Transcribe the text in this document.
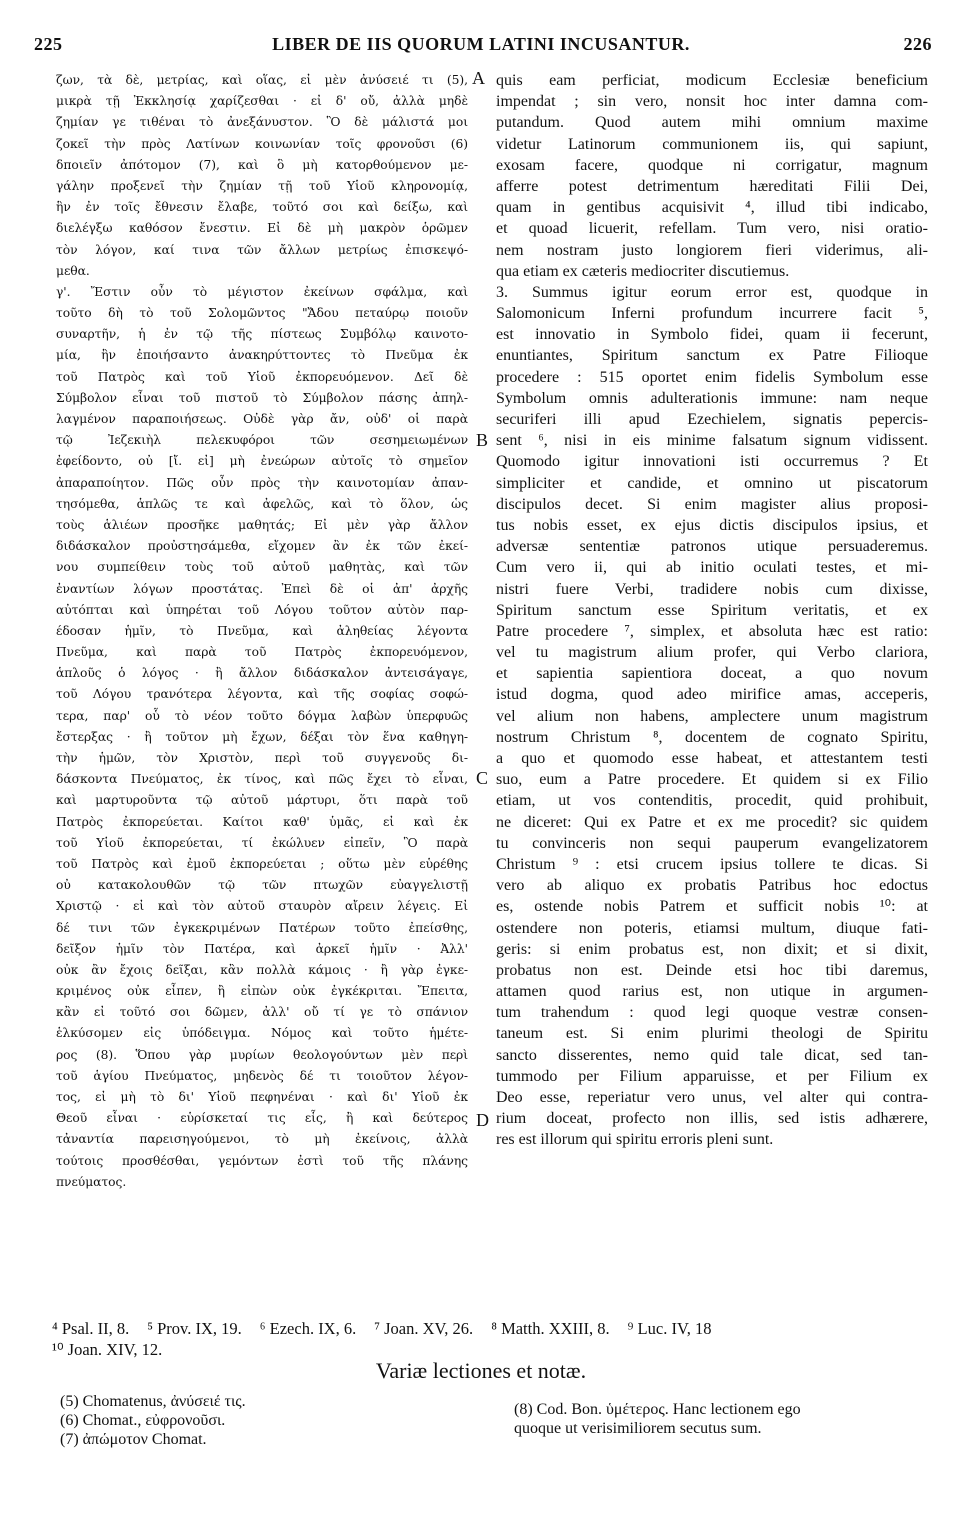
225	LIBER DE IIS QUORUM LATINI INCUSANTUR.	226
ζων, τὰ δὲ, μετρίας, καὶ οἵας, εἰ μὲν ἀνύσειέ τι (5),
μικρὰ τῇ Ἐκκλησίᾳ χαρίζεσθαι · εἰ δ' οὔ, ἀλλὰ μηδὲ
ζημίαν γε τιθέναι τὸ ἀνεξάνυστον. Ὃ δὲ μάλιστά μοι
ζοκεῖ τὴν πρὸς Λατίνων κοινωνίαν τοῖς φρονοῦσι (6)
δποιεῖν ἀπότομον (7), καὶ ὃ μὴ κατορθούμενον με-
γάλην προξενεῖ τὴν ζημίαν τῇ τοῦ Υἱοῦ κληρονομίᾳ,
ἣν ἐν τοῖς ἔθνεσιν ἔλαβε, τοῦτό σοι καὶ δείξω, καὶ
διελέγξω καθόσον ἔνεστιν. Εἰ δὲ μὴ μακρὸν ὁρῶμεν
τὸν λόγον, καί τινα τῶν ἄλλων μετρίως ἐπισκεψό-
μεθα.
γ'. Ἔστιν οὖν τὸ μέγιστον ἐκείνων σφάλμα, καὶ
τοῦτο δὴ τὸ τοῦ Σολομῶντος "Ἄδου πεταύρῳ ποιοῦν
συναρτῆν, ἡ ἐν τῷ τῆς πίστεως Συμβόλῳ καινοτο-
μία, ἣν ἐποιήσαντο ἀνακηρύττοντες τὸ Πνεῦμα ἐκ
τοῦ Πατρὸς καὶ τοῦ Υἱοῦ ἐκπορευόμενον. Δεῖ δὲ
Σύμβολον εἶναι τοῦ πιστοῦ τὸ Σύμβολον πάσης ἀπηλ-
λαγμένον παραποιήσεως. Οὐδὲ γὰρ ἄν, οὐδ' οἱ παρὰ
τῷ Ἰεζεκιὴλ πελεκυφόροι τῶν σεσημειωμένων
ἐφείδοντο, οὐ [ἴ. εἰ] μὴ ἐνεώρων αὐτοῖς τὸ σημεῖον
ἀπαραποίητον. Πῶς οὖν πρὸς τὴν καινοτομίαν ἀπαν-
τησόμεθα, ἁπλῶς τε καὶ ἀφελῶς, καὶ τὸ ὅλον, ὡς
τοὺς ἁλιέων προσῆκε μαθητάς; Εἰ μὲν γὰρ ἄλλον
διδάσκαλον προὐστησάμεθα, εἴχομεν ἂν ἐκ τῶν ἐκεί-
νου συμπείθειν τοὺς τοῦ αὐτοῦ μαθητὰς, καὶ τῶν
ἐναντίων λόγων προστάτας. Ἐπεὶ δὲ οἱ ἀπ' ἀρχῆς
αὐτόπται καὶ ὑπηρέται τοῦ Λόγου τοῦτον αὐτὸν παρ-
έδοσαν ἡμῖν, τὸ Πνεῦμα, καὶ ἀληθείας λέγοντα
Πνεῦμα, καὶ παρὰ τοῦ Πατρὸς ἐκπορευόμενον,
ἁπλοῦς ὁ λόγος · ἢ ἄλλον διδάσκαλον ἀντεισάγαγε,
τοῦ Λόγου τρανότερα λέγοντα, καὶ τῆς σοφίας σοφώ-
τερα, παρ' οὗ τὸ νέον τοῦτο δόγμα λαβὼν ὑπερφυῶς
ἔστερξας · ἢ τοῦτον μὴ ἔχων, δέξαι τὸν ἕνα καθηγη-
τὴν ἡμῶν, τὸν Χριστὸν, περὶ τοῦ συγγενοῦς δι-
δάσκοντα Πνεύματος, ἐκ τίνος, καὶ πῶς ἔχει τὸ εἶναι,
καὶ μαρτυροῦντα τῷ αὐτοῦ μάρτυρι, ὅτι παρὰ τοῦ
Πατρὸς ἐκπορεύεται. Καίτοι καθ' ὑμᾶς, εἰ καὶ ἐκ
τοῦ Υἱοῦ ἐκπορεύεται, τί ἐκώλυεν εἰπεῖν, Ὃ παρὰ
τοῦ Πατρὸς καὶ ἐμοῦ ἐκπορεύεται ; οὕτω μὲν εὑρέθης
οὐ κατακολουθῶν τῷ τῶν πτωχῶν εὐαγγελιστῇ
Χριστῷ · εἰ καὶ τὸν αὐτοῦ σταυρὸν αἴρειν λέγεις. Εἰ
δέ τινι τῶν ἐγκεκριμένων Πατέρων τοῦτο ἐπείσθης,
δεῖξον ἡμῖν τὸν Πατέρα, καὶ ἀρκεῖ ἡμῖν · Ἀλλ'
οὐκ ἂν ἔχοις δεῖξαι, κἂν πολλὰ κάμοις · ἢ γὰρ ἐγκε-
κριμένος οὐκ εἶπεν, ἢ εἰπὼν οὐκ ἐγκέκριται. Ἔπειτα,
κἂν εἰ τοῦτό σοι δῶμεν, ἀλλ' οὔ τί γε τὸ σπάνιον
ἑλκύσομεν εἰς ὑπόδειγμα. Νόμος καὶ τοῦτο ἡμέτε-
ρος (8). Ὅπου γὰρ μυρίων θεολογούντων μὲν περὶ
τοῦ ἁγίου Πνεύματος, μηδενὸς δέ τι τοιοῦτον λέγον-
τος, εἰ μὴ τὸ δι' Υἱοῦ πεφηνέναι · καὶ δι' Υἱοῦ ἐκ
Θεοῦ εἶναι · εὑρίσκεταί τις εἷς, ἢ καὶ δεύτερος
τἀναντία παρεισηγούμενοι, τὸ μὴ ἐκείνοις, ἀλλὰ
τούτοις προσθέσθαι, γεμόντων ἐστὶ τοῦ τῆς πλάνης
πνεύματος.
quis eam perficiat, modicum Ecclesiæ beneficium
impendat ; sin vero, nonsit hoc inter damna com-
putandum. Quod autem mihi omnium maxime
videtur Latinorum communionem iis, qui sapiunt,
exosam facere, quodque ni corrigatur, magnum
afferre potest detrimentum hæreditati Filii Dei,
quam in gentibus acquisivit ⁴, illud tibi indicabo,
et quoad licuerit, refellam. Tum vero, nisi oratio-
nem nostram justo longiorem fieri viderimus, ali-
qua etiam ex cæteris mediocriter discutiemus.
3. Summus igitur eorum error est, quodque in
Salomonicum Inferni profundum incurrere facit ⁵,
est innovatio in Symbolo fidei, quam ii fecerunt,
enuntiantes, Spiritum sanctum ex Patre Filioque
procedere : 515 oportet enim fidelis Symbolum esse
Symbolum omnis adulterationis immune: nam neque
securiferi illi apud Ezechielem, signatis pepercis-
sent ⁶, nisi in eis minime falsatum signum vidissent.
Quomodo igitur innovationi isti occurremus ? Et
simpliciter et candide, et omnino ut piscatorum
discipulos decet. Si enim magister alius proposi-
tus nobis esset, ex ejus dictis discipulos ipsius, et
adversæ sententiæ patronos utique persuaderemus.
Cum vero ii, qui ab initio oculati testes, et mi-
nistri fuere Verbi, tradidere nobis cum dixisse,
Spiritum sanctum esse Spiritum veritatis, et ex
Patre procedere ⁷, simplex, et absoluta hæc est ratio:
vel tu magistrum alium profer, qui Verbo clariora,
et sapientia sapientiora doceat, a quo novum
istud dogma, quod adeo mirifice amas, acceperis,
vel alium non habens, amplectere unum magistrum
nostrum Christum ⁸, docentem de cognato Spiritu,
a quo et quomodo esse habeat, et attestantem testi
suo, eum a Patre procedere. Et quidem si ex Filio
etiam, ut vos contenditis, procedit, quid prohibuit,
ne diceret: Qui ex Patre et ex me procedit? sic quidem
tu convinceris non sequi pauperum evangelizatorem
Christum ⁹ : etsi crucem ipsius tollere te dicas. Si
vero ab aliquo ex probatis Patribus hoc edoctus
es, ostende nobis Patrem et sufficit nobis ¹⁰: at
ostendere non poteris, etiamsi multum, diuque fati-
geris: si enim probatus est, non dixit; et si dixit,
probatus non est. Deinde etsi hoc tibi daremus,
attamen quod rarius est, non utique in argumen-
tum trahendum : quod legi quoque vestræ consen-
taneum est. Si enim plurimi theologi de Spiritu
sancto disserentes, nemo quid tale dicat, sed tan-
tummodo per Filium apparuisse, et per Filium ex
Deo esse, reperiatur vero unus, vel alter qui contra-
rium doceat, profecto non illis, sed istis adhærere,
res est illorum qui spiritu erroris pleni sunt.
A
B
C
D
⁴ Psal. II, 8. ⁵ Prov. IX, 19. ⁶ Ezech. IX, 6. ⁷ Joan. XV, 26. ⁸ Matth. XXIII, 8. ⁹ Luc. IV, 18
¹⁰ Joan. XIV, 12.
Variæ lectiones et notæ.
(5) Chomatenus, ἀνύσειέ τις.
(6) Chomat., εὐφρονοῦσι.
(7) ἀπώμοτον Chomat.
(8) Cod. Bon. ὑμέτερος. Hanc lectionem ego
quoque ut verisimiliorem secutus sum.
